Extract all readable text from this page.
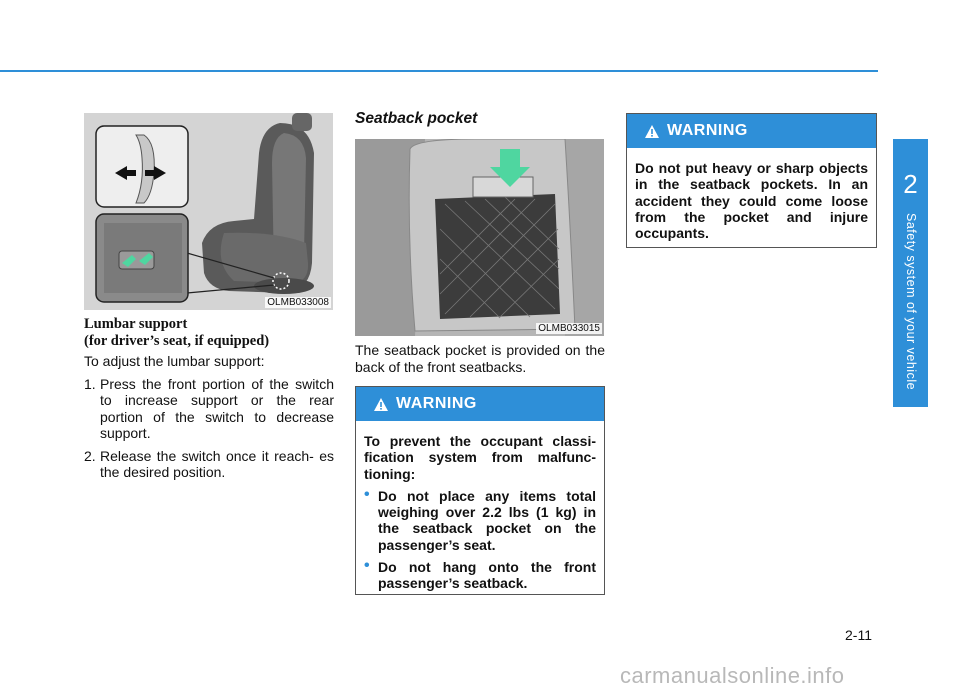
2
Safety system of your vehicle
OLMB033008
Lumbar support
(for driver’s seat, if equipped)
To adjust the lumbar support:
1. Press the front portion of the switch to increase support or the rear portion of the switch to decrease support.
2. Release the switch once it reach- es the desired position.
Seatback pocket
OLMB033015
The seatback pocket is provided on the back of the front seatbacks.
WARNING
To prevent the occupant classi- fication system from malfunc- tioning:
• Do not place any items total weighing over 2.2 lbs (1 kg) in the seatback pocket on the passenger’s seat.
• Do not hang onto the front passenger’s seatback.
WARNING
Do not put heavy or sharp objects in the seatback pockets. In an accident they could come loose from the pocket and injure occupants.
2-11
carmanualsonline.info
